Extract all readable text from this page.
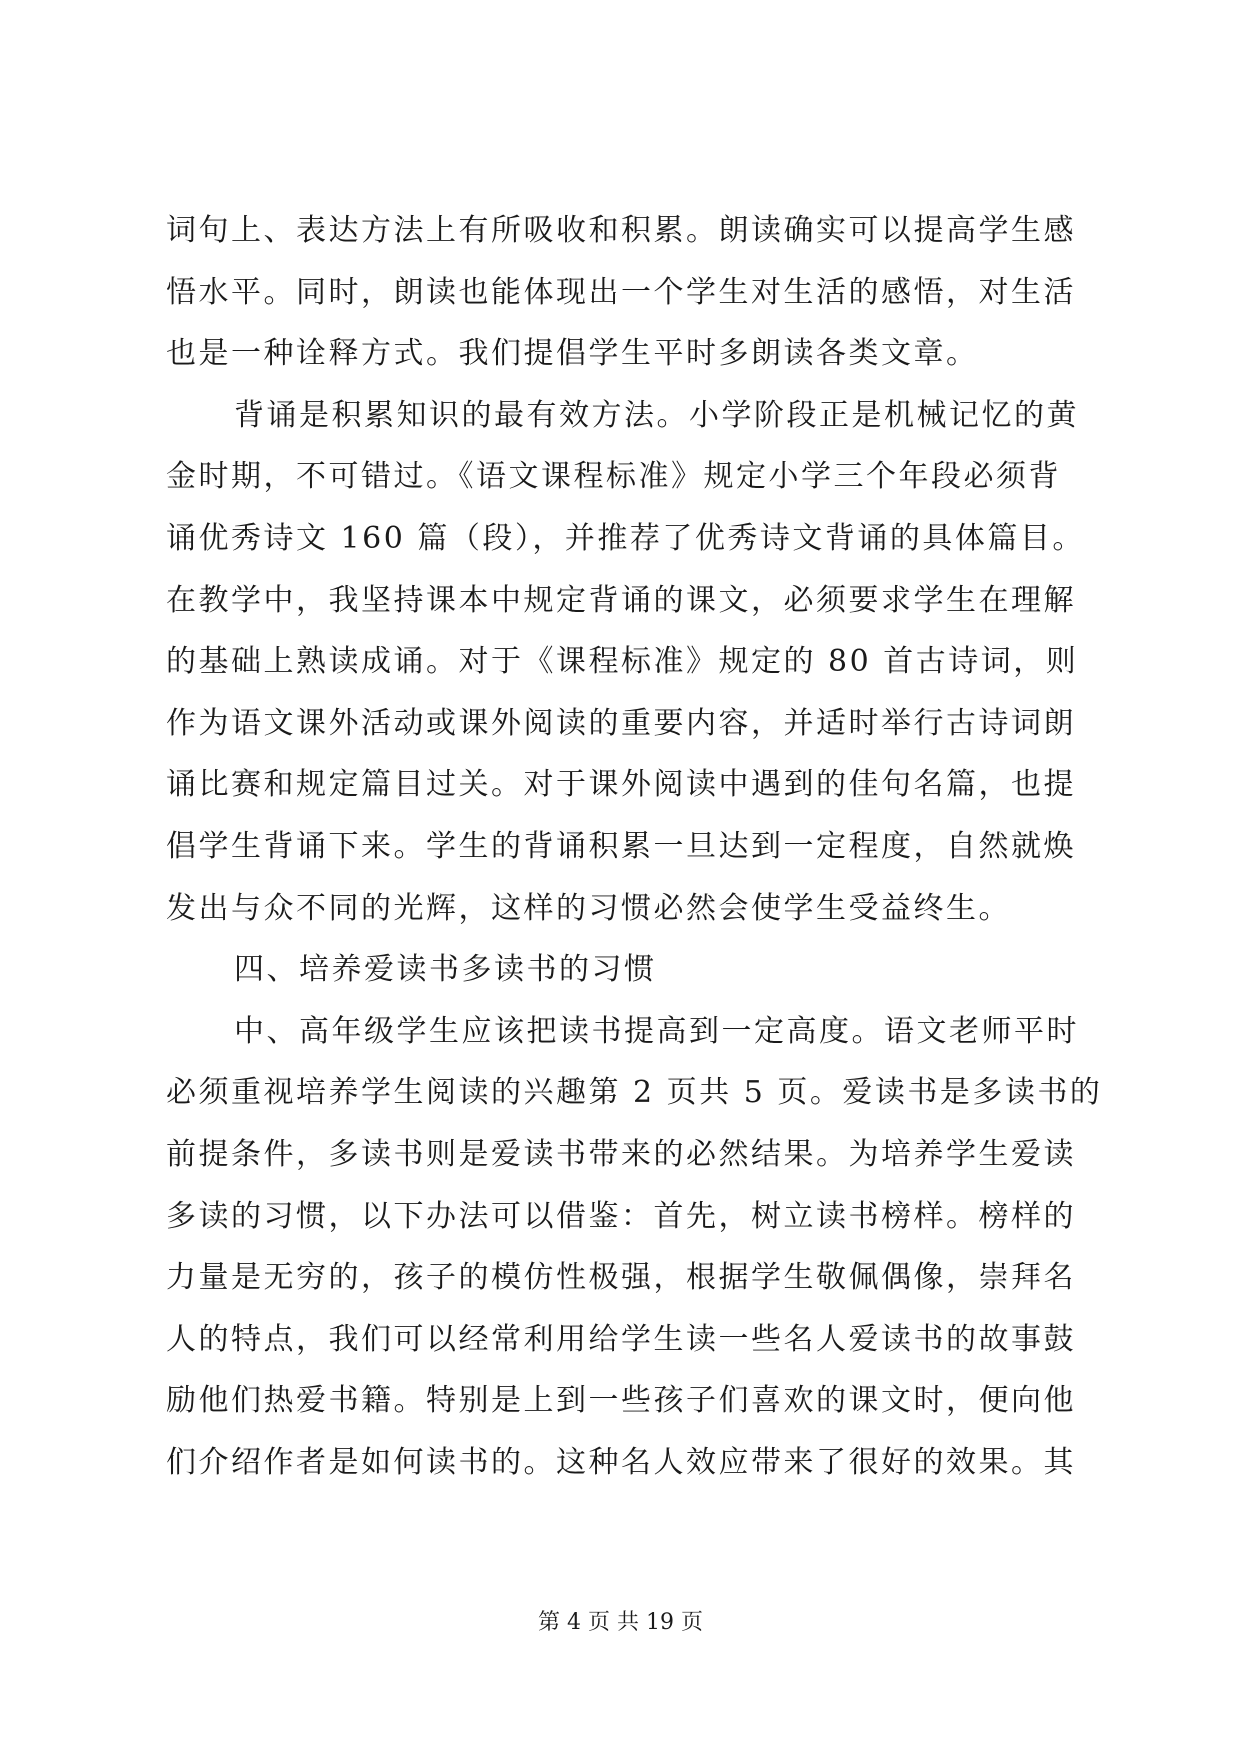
词句上、表达方法上有所吸收和积累。朗读确实可以提高学生感
悟水平。同时，朗读也能体现出一个学生对生活的感悟，对生活
也是一种诠释方式。我们提倡学生平时多朗读各类文章。
背诵是积累知识的最有效方法。小学阶段正是机械记忆的黄
金时期，不可错过。《语文课程标准》规定小学三个年段必须背
诵优秀诗文 160 篇（段），并推荐了优秀诗文背诵的具体篇目。
在教学中，我坚持课本中规定背诵的课文，必须要求学生在理解
的基础上熟读成诵。对于《课程标准》规定的 80 首古诗词，则
作为语文课外活动或课外阅读的重要内容，并适时举行古诗词朗
诵比赛和规定篇目过关。对于课外阅读中遇到的佳句名篇，也提
倡学生背诵下来。学生的背诵积累一旦达到一定程度，自然就焕
发出与众不同的光辉，这样的习惯必然会使学生受益终生。
四、培养爱读书多读书的习惯
中、高年级学生应该把读书提高到一定高度。语文老师平时
必须重视培养学生阅读的兴趣第 2 页共 5 页。爱读书是多读书的
前提条件，多读书则是爱读书带来的必然结果。为培养学生爱读
多读的习惯，以下办法可以借鉴：首先，树立读书榜样。榜样的
力量是无穷的，孩子的模仿性极强，根据学生敬佩偶像，崇拜名
人的特点，我们可以经常利用给学生读一些名人爱读书的故事鼓
励他们热爱书籍。特别是上到一些孩子们喜欢的课文时，便向他
们介绍作者是如何读书的。这种名人效应带来了很好的效果。其
第 4 页 共 19 页
